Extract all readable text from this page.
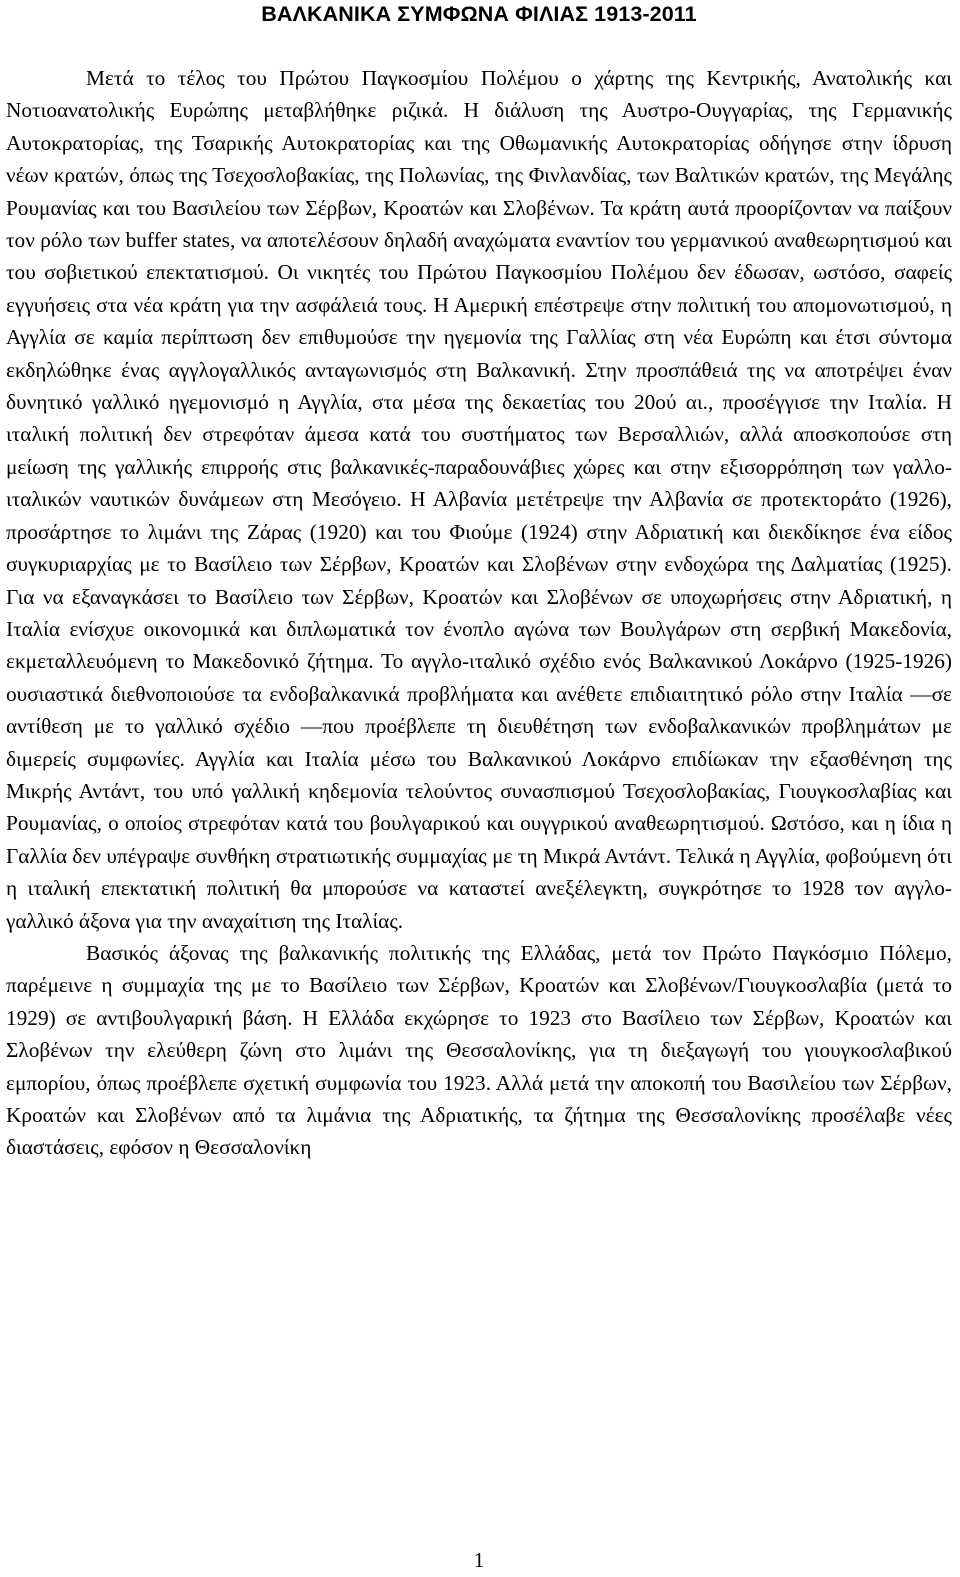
ΒΑΛΚΑΝΙΚΑ ΣΥΜΦΩΝΑ ΦΙΛΙΑΣ 1913-2011

Μετά το τέλος του Πρώτου Παγκοσμίου Πολέμου ο χάρτης της Κεντρικής, Ανατολικής και Νοτιοανατολικής Ευρώπης μεταβλήθηκε ριζικά. Η διάλυση της Αυστρο-Ουγγαρίας, της Γερμανικής Αυτοκρατορίας, της Τσαρικής Αυτοκρατορίας και της Οθωμανικής Αυτοκρατορίας οδήγησε στην ίδρυση νέων κρατών, όπως της Τσεχοσλοβακίας, της Πολωνίας, της Φινλανδίας, των Βαλτικών κρατών, της Μεγάλης Ρουμανίας και του Βασιλείου των Σέρβων, Κροατών και Σλοβένων. Τα κράτη αυτά προορίζονταν να παίξουν τον ρόλο των buffer states, να αποτελέσουν δηλαδή αναχώματα εναντίον του γερμανικού αναθεωρητισμού και του σοβιετικού επεκτατισμού. Οι νικητές του Πρώτου Παγκοσμίου Πολέμου δεν έδωσαν, ωστόσο, σαφείς εγγυήσεις στα νέα κράτη για την ασφάλειά τους. Η Αμερική επέστρεψε στην πολιτική του απομονωτισμού, η Αγγλία σε καμία περίπτωση δεν επιθυμούσε την ηγεμονία της Γαλλίας στη νέα Ευρώπη και έτσι σύντομα εκδηλώθηκε ένας αγγλογαλλικός ανταγωνισμός στη Βαλκανική. Στην προσπάθειά της να αποτρέψει έναν δυνητικό γαλλικό ηγεμονισμό η Αγγλία, στα μέσα της δεκαετίας του 20ού αι., προσέγγισε την Ιταλία. Η ιταλική πολιτική δεν στρεφόταν άμεσα κατά του συστήματος των Βερσαλλιών, αλλά αποσκοπούσε στη μείωση της γαλλικής επιρροής στις βαλκανικές-παραδουνάβιες χώρες και στην εξισορρόπηση των γαλλο-ιταλικών ναυτικών δυνάμεων στη Μεσόγειο. Η Αλβανία μετέτρεψε την Αλβανία σε προτεκτοράτο (1926), προσάρτησε το λιμάνι της Ζάρας (1920) και του Φιούμε (1924) στην Αδριατική και διεκδίκησε ένα είδος συγκυριαρχίας με το Βασίλειο των Σέρβων, Κροατών και Σλοβένων στην ενδοχώρα της Δαλματίας (1925). Για να εξαναγκάσει το Βασίλειο των Σέρβων, Κροατών και Σλοβένων σε υποχωρήσεις στην Αδριατική, η Ιταλία ενίσχυε οικονομικά και διπλωματικά τον ένοπλο αγώνα των Βουλγάρων στη σερβική Μακεδονία, εκμεταλλευόμενη το Μακεδονικό ζήτημα. Το αγγλο-ιταλικό σχέδιο ενός Βαλκανικού Λοκάρνο (1925-1926) ουσιαστικά διεθνοποιούσε τα ενδοβαλκανικά προβλήματα και ανέθετε επιδιαιτητικό ρόλο στην Ιταλία —σε αντίθεση με το γαλλικό σχέδιο —που προέβλεπε τη διευθέτηση των ενδοβαλκανικών προβλημάτων με διμερείς συμφωνίες. Αγγλία και Ιταλία μέσω του Βαλκανικού Λοκάρνο επιδίωκαν την εξασθένηση της Μικρής Αντάντ, του υπό γαλλική κηδεμονία τελούντος συνασπισμού Τσεχοσλοβακίας, Γιουγκοσλαβίας και Ρουμανίας, ο οποίος στρεφόταν κατά του βουλγαρικού και ουγγρικού αναθεωρητισμού. Ωστόσο, και η ίδια η Γαλλία δεν υπέγραψε συνθήκη στρατιωτικής συμμαχίας με τη Μικρά Αντάντ. Τελικά η Αγγλία, φοβούμενη ότι η ιταλική επεκτατική πολιτική θα μπορούσε να καταστεί ανεξέλεγκτη, συγκρότησε το 1928 τον αγγλο-γαλλικό άξονα για την αναχαίτιση της Ιταλίας.

Βασικός άξονας της βαλκανικής πολιτικής της Ελλάδας, μετά τον Πρώτο Παγκόσμιο Πόλεμο, παρέμεινε η συμμαχία της με το Βασίλειο των Σέρβων, Κροατών και Σλοβένων/Γιουγκοσλαβία (μετά το 1929) σε αντιβουλγαρική βάση. Η Ελλάδα εκχώρησε το 1923 στο Βασίλειο των Σέρβων, Κροατών και Σλοβένων την ελεύθερη ζώνη στο λιμάνι της Θεσσαλονίκης, για τη διεξαγωγή του γιουγκοσλαβικού εμπορίου, όπως προέβλεπε σχετική συμφωνία του 1923. Αλλά μετά την αποκοπή του Βασιλείου των Σέρβων, Κροατών και Σλοβένων από τα λιμάνια της Αδριατικής, τα ζήτημα της Θεσσαλονίκης προσέλαβε νέες διαστάσεις, εφόσον η Θεσσαλονίκη

1
